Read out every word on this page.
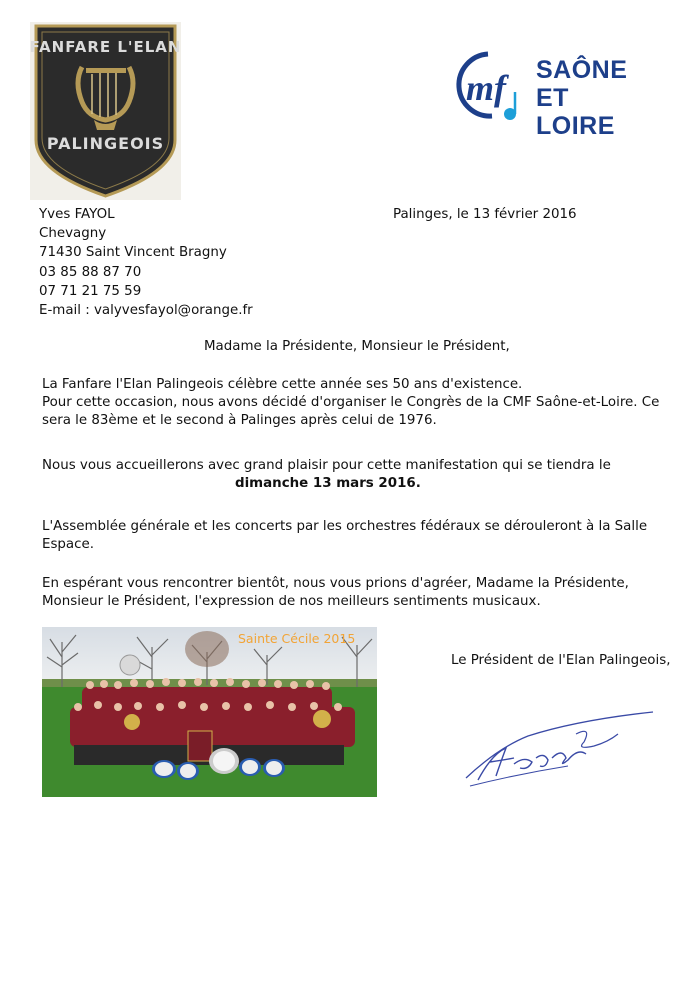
FANFARE L'ELAN
PALINGEOIS
mf SAÔNE
ET LOIRE
Yves FAYOL
Chevagny
71430 Saint Vincent Bragny
03 85 88 87 70
07 71 21 75 59
E-mail : valyvesfayol@orange.fr
Palinges, le 13 février 2016
Madame la Présidente, Monsieur le Président,
La Fanfare l'Elan Palingeois célèbre cette année ses 50 ans d'existence.
Pour cette occasion, nous avons décidé d'organiser le Congrès de la CMF Saône-et-Loire. Ce
sera le 83ème et le second à Palinges après celui de 1976.
Nous vous accueillerons avec grand plaisir pour cette manifestation qui se tiendra le
dimanche 13 mars 2016.
L'Assemblée générale et les concerts par les orchestres fédéraux se dérouleront à la Salle
Espace.
En espérant vous rencontrer bientôt, nous vous prions d'agréer, Madame la Présidente,
Monsieur le Président, l'expression de nos meilleurs sentiments musicaux.
Sainte Cécile 2015
Le Président de l'Elan Palingeois,
